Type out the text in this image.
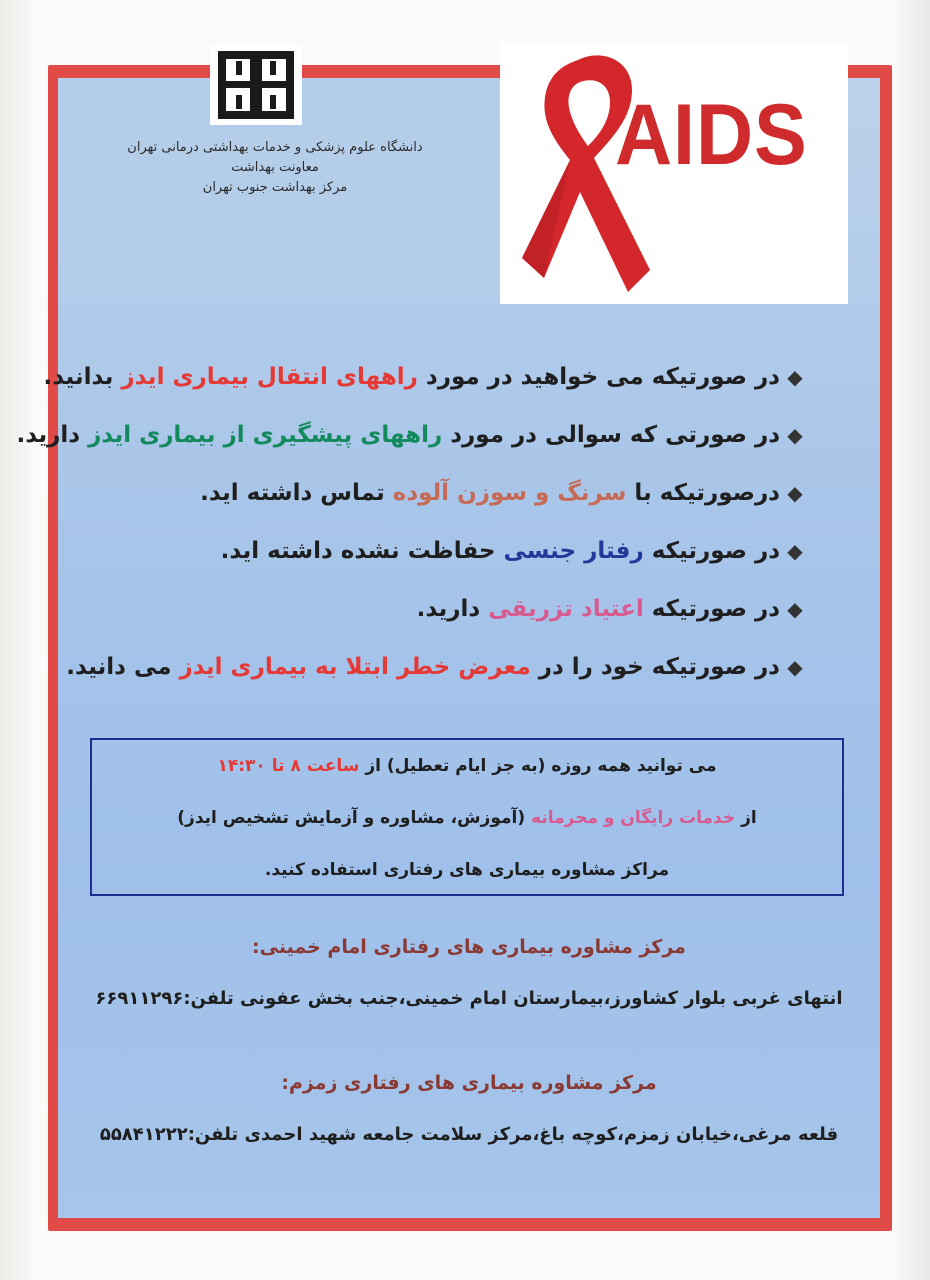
دانشگاه علوم پزشکی و خدمات بهداشتی درمانی تهران
معاونت بهداشت
مرکز بهداشت جنوب تهران
AIDS
◆در صورتیکه می خواهید در مورد راههای انتقال بیماری ایدز بدانید.
◆در صورتی که سوالی در مورد راههای پیشگیری از بیماری ایدز دارید.
◆درصورتیکه با سرنگ و سوزن آلوده تماس داشته اید.
◆در صورتیکه رفتار جنسی حفاظت نشده داشته اید.
◆در صورتیکه اعتیاد تزریقی دارید.
◆در صورتیکه خود را در معرض خطر ابتلا به بیماری ایدز می دانید.
می توانید همه روزه (به جز ایام تعطیل) از ساعت ۸ تا ۱۴:۳۰
از خدمات رایگان و محرمانه (آموزش، مشاوره و آزمایش تشخیص ایدز)
مراکز مشاوره بیماری های رفتاری استفاده کنید.
مرکز مشاوره بیماری های رفتاری امام خمینی:
انتهای غربی بلوار کشاورز،بیمارستان امام خمینی،جنب بخش عفونی تلفن:۶۶۹۱۱۲۹۶
مرکز مشاوره بیماری های رفتاری زمزم:
قلعه مرغی،خیابان زمزم،کوچه باغ،مرکز سلامت جامعه شهید احمدی تلفن:۵۵۸۴۱۲۲۲
